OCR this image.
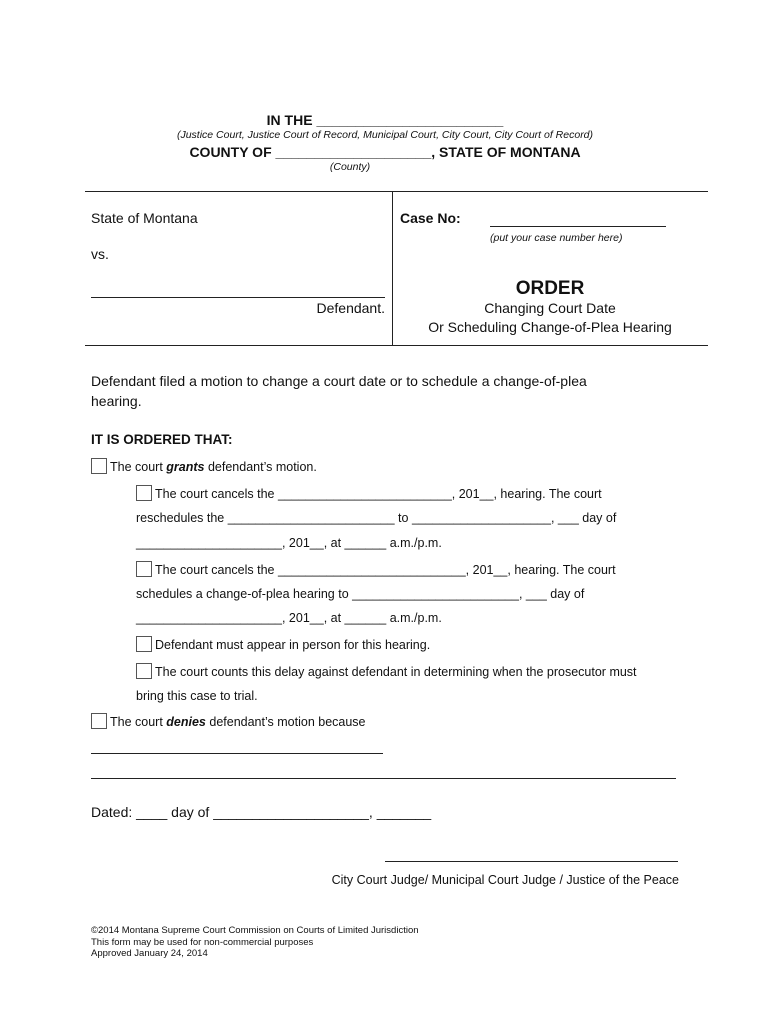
IN THE ________________________
(Justice Court, Justice Court of Record, Municipal Court, City Court, City Court of Record)
COUNTY OF ____________________, STATE OF MONTANA
(County)
State of Montana
vs.
Defendant.
Case No:
(put your case number here)
ORDER
Changing Court Date
Or Scheduling Change-of-Plea Hearing
Defendant filed a motion to change a court date or to schedule a change-of-plea
hearing.
IT IS ORDERED THAT:
The court grants defendant’s motion.
The court cancels the _________________________, 201__, hearing. The court
reschedules the ________________________ to ____________________, ___ day of
_____________________, 201__, at ______ a.m./p.m.
The court cancels the ___________________________, 201__, hearing. The court
schedules a change-of-plea hearing to ________________________, ___ day of
_____________________, 201__, at ______ a.m./p.m.
Defendant must appear in person for this hearing.
The court counts this delay against defendant in determining when the prosecutor must
bring this case to trial.
The court denies defendant’s motion because
Dated: ____ day of ____________________, _______
City Court Judge/ Municipal Court Judge / Justice of the Peace
©2014 Montana Supreme Court Commission on Courts of Limited Jurisdiction
This form may be used for non-commercial purposes
Approved January 24, 2014
